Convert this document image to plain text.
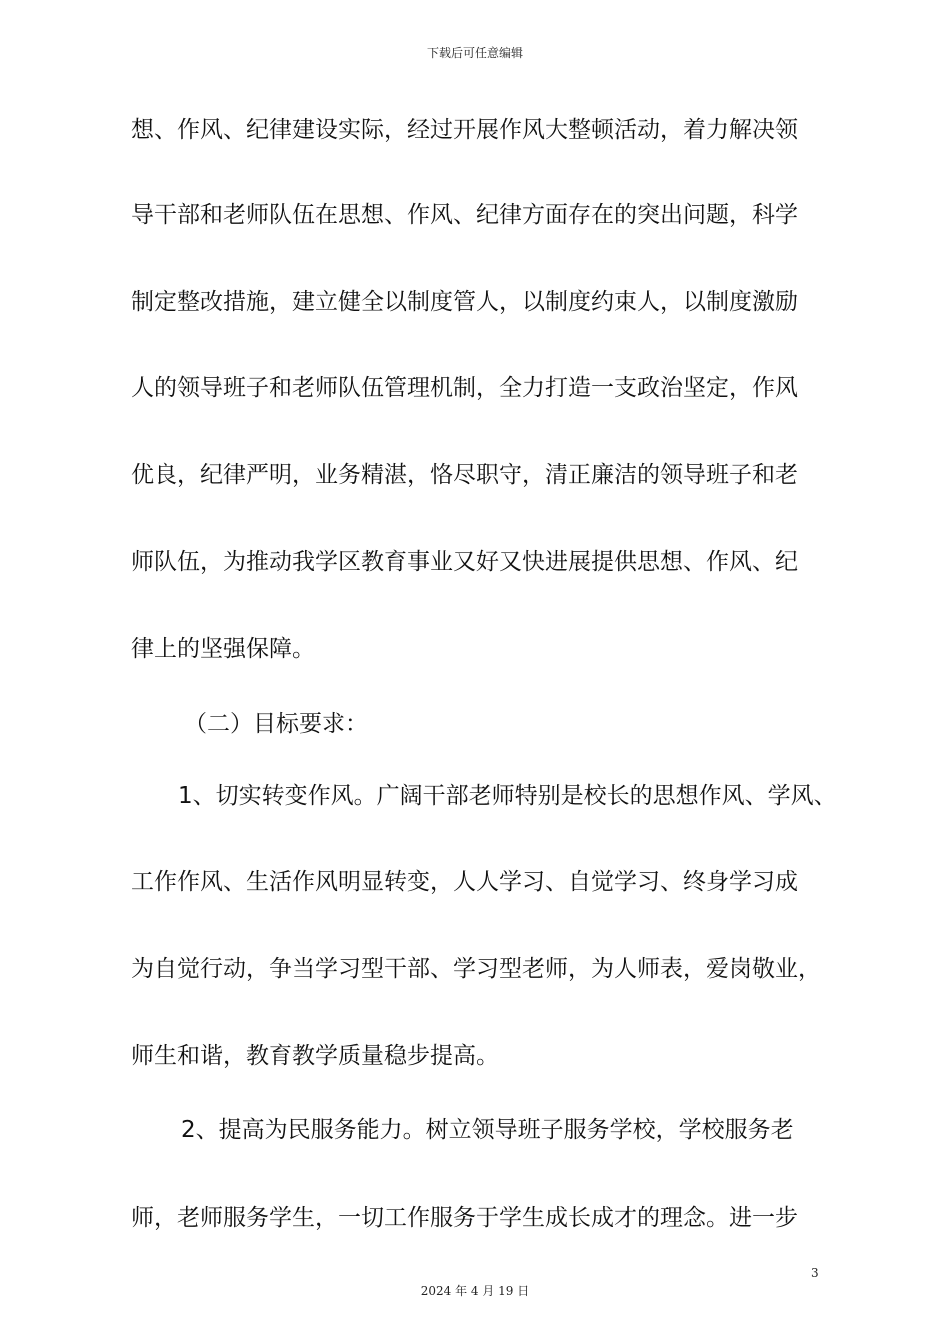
下载后可任意编辑
想、作风、纪律建设实际，经过开展作风大整顿活动，着力解决领
导干部和老师队伍在思想、作风、纪律方面存在的突出问题，科学
制定整改措施，建立健全以制度管人，以制度约束人，以制度激励
人的领导班子和老师队伍管理机制，全力打造一支政治坚定，作风
优良，纪律严明，业务精湛，恪尽职守，清正廉洁的领导班子和老
师队伍，为推动我学区教育事业又好又快进展提供思想、作风、纪
律上的坚强保障。
（二）目标要求：
1、切实转变作风。广阔干部老师特别是校长的思想作风、学风、
工作作风、生活作风明显转变，人人学习、自觉学习、终身学习成
为自觉行动，争当学习型干部、学习型老师，为人师表，爱岗敬业，
师生和谐，教育教学质量稳步提高。
2、提高为民服务能力。树立领导班子服务学校，学校服务老
师，老师服务学生，一切工作服务于学生成长成才的理念。进一步
3
2024 年 4 月 19 日
